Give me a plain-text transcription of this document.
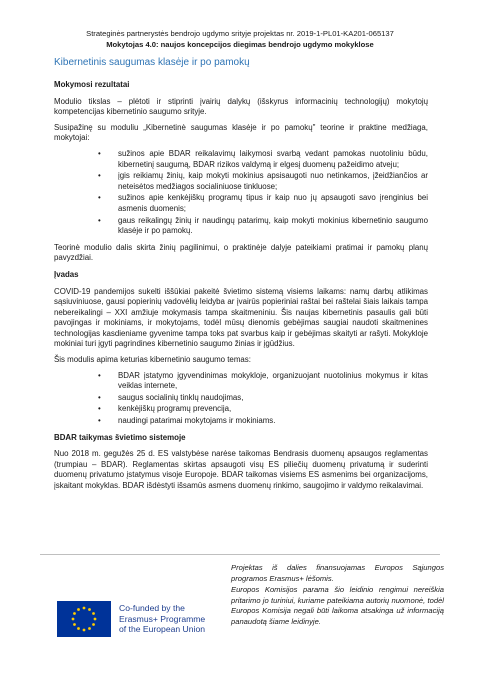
Strateginės partnerystės bendrojo ugdymo srityje projektas nr. 2019-1-PL01-KA201-065137
Mokytojas 4.0: naujos koncepcijos diegimas bendrojo ugdymo mokyklose
Kibernetinis saugumas klasėje ir po pamokų
Mokymosi rezultatai

Modulio tikslas – plėtoti ir stiprinti įvairių dalykų (išskyrus informacinių technologijų) mokytojų kompetencijas kibernetinio saugumo srityje.

Susipažinę su moduliu „Kibernetinė saugumas klasėje ir po pamokų" teorine ir praktine medžiaga, mokytojai:

• sužinos apie BDAR reikalavimų laikymosi svarbą vedant pamokas nuotoliniu būdu, kibernetinį saugumą, BDAR rizikos valdymą ir elgesį duomenų pažeidimo atveju;
• įgis reikiamų žinių, kaip mokyti mokinius apsisaugoti nuo netinkamos, įžeidžiančios ar neteisėtos medžiagos socialiniuose tinkluose;
• sužinos apie kenkėjiškų programų tipus ir kaip nuo jų apsaugoti savo įrenginius bei asmenis duomenis;
• gaus reikalingų žinių ir naudingų patarimų, kaip mokyti mokinius kibernetinio saugumo klasėje ir po pamokų.

Teorinė modulio dalis skirta žinių pagilinimui, o praktinėje dalyje pateikiami pratimai ir pamokų planų pavyzdžiai.

Įvadas

COVID-19 pandemijos sukelti iššūkiai pakeitė švietimo sistemą visiems laikams: namų darbų atlikimas sąsiuviniuose, gausi popierinių vadovėlių leidyba ar įvairūs popieriniai raštai bei raštelai šiais laikais tampa nebereikalingi – XXI amžiuje mokymasis tampa skaitmeniniu. Šis naujas kibernetinis pasaulis gali būti pavojingas ir mokiniams, ir mokytojams, todėl mūsų dienomis gebėjimas saugiai naudoti skaitmenines technologijas kasdieniame gyvenime tampa toks pat svarbus kaip ir gebėjimas skaityti ar rašyti. Mokykloje mokiniai turi įgyti pagrindines kibernetinio saugumo žinias ir įgūdžius.

Šis modulis apima keturias kibernetinio saugumo temas:

• BDAR įstatymo įgyvendinimas mokykloje, organizuojant nuotolinius mokymus ir kitas veiklas internete,
• saugus socialinių tinklų naudojimas,
• kenkėjiškų programų prevencija,
• naudingi patarimai mokytojams ir mokiniams.
BDAR taikymas švietimo sistemoje

Nuo 2018 m. gegužės 25 d. ES valstybėse narėse taikomas Bendrasis duomenų apsaugos reglamentas (trumpiau – BDAR). Reglamentas skirtas apsaugoti visų ES piliečių duomenų privatumą ir suderinti duomenų privatumo įstatymus visoje Europoje. BDAR taikomas visiems ES asmenims bei organizacijoms, įskaitant mokyklas. BDAR išdėstyti išsamūs asmens duomenų rinkimo, saugojimo ir valdymo reikalavimai.

Co-funded by the
Erasmus+ Programme
of the European Union

Projektas iš dalies finansuojamas Europos Sąjungos programos Erasmus+ lėšomis.

Europos Komisijos parama šio leidinio rengimui nereiškia pritarimo jo turiniui, kuriame pateikiama autorių nuomonė, todėl Europos Komisija negali būti laikoma atsakinga už informaciją panaudotą šiame leidinyje.
